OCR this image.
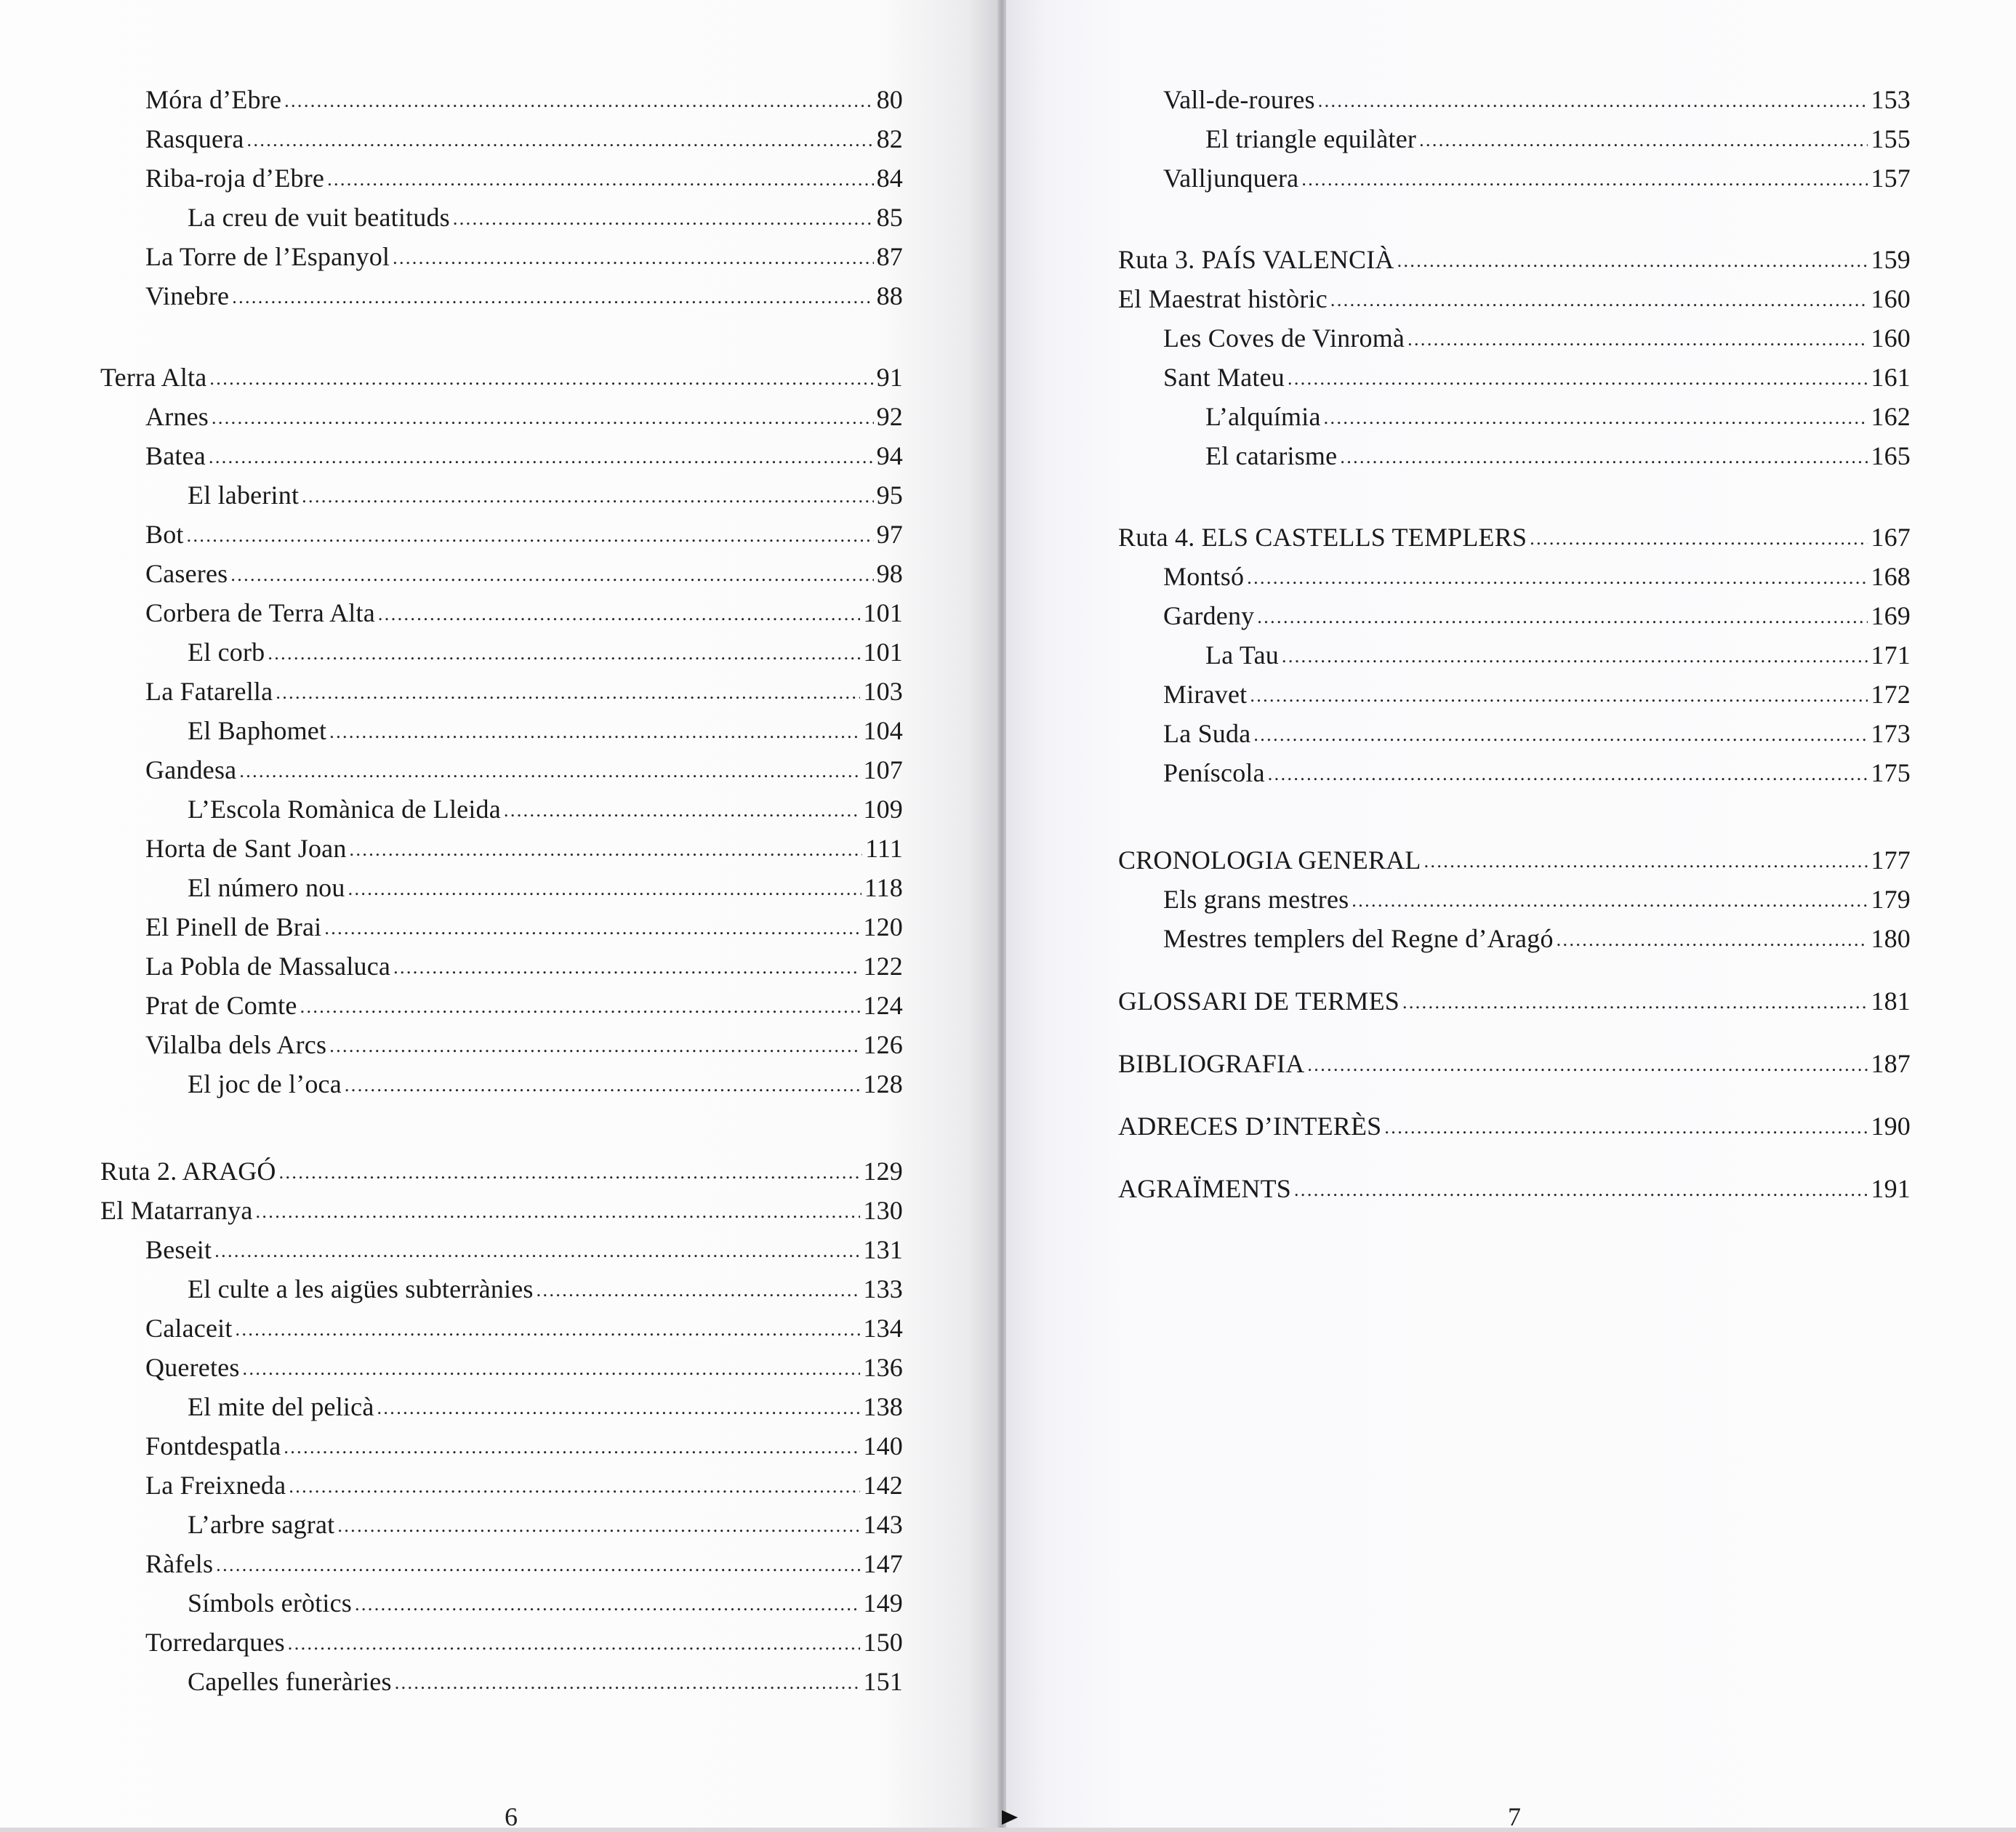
Móra d’Ebre .....	80
Rasquera .....	82
Riba-roja d’Ebre .....	84
La creu de vuit beatituds .....	85
La Torre de l’Espanyol .....	87
Vinebre .....	88
Terra Alta .....	91
Arnes .....	92
Batea .....	94
El laberint .....	95
Bot .....	97
Caseres .....	98
Corbera de Terra Alta .....	101
El corb .....	101
La Fatarella .....	103
El Baphomet .....	104
Gandesa .....	107
L’Escola Romànica de Lleida .....	109
Horta de Sant Joan .....	111
El número nou .....	118
El Pinell de Brai .....	120
La Pobla de Massaluca .....	122
Prat de Comte .....	124
Vilalba dels Arcs .....	126
El joc de l’oca .....	128
Ruta 2. ARAGÓ .....	129
El Matarranya .....	130
Beseit .....	131
El culte a les aigües subterrànies .....	133
Calaceit .....	134
Queretes .....	136
El mite del pelicà .....	138
Fontdespatla .....	140
La Freixneda .....	142
L’arbre sagrat .....	143
Ràfels .....	147
Símbols eròtics .....	149
Torredarques .....	150
Capelles funeràries .....	151
6
Vall-de-roures .....	153
El triangle equilàter .....	155
Valljunquera .....	157
Ruta 3. PAÍS VALENCIÀ .....	159
El Maestrat històric .....	160
Les Coves de Vinromà .....	160
Sant Mateu .....	161
L’alquímia .....	162
El catarisme .....	165
Ruta 4. ELS CASTELLS TEMPLERS .....	167
Montsó .....	168
Gardeny .....	169
La Tau .....	171
Miravet .....	172
La Suda .....	173
Peníscola .....	175
CRONOLOGIA GENERAL .....	177
Els grans mestres .....	179
Mestres templers del Regne d’Aragó .....	180
GLOSSARI DE TERMES .....	181
BIBLIOGRAFIA .....	187
ADRECES D’INTERÈS .....	190
AGRAÏMENTS .....	191
7
